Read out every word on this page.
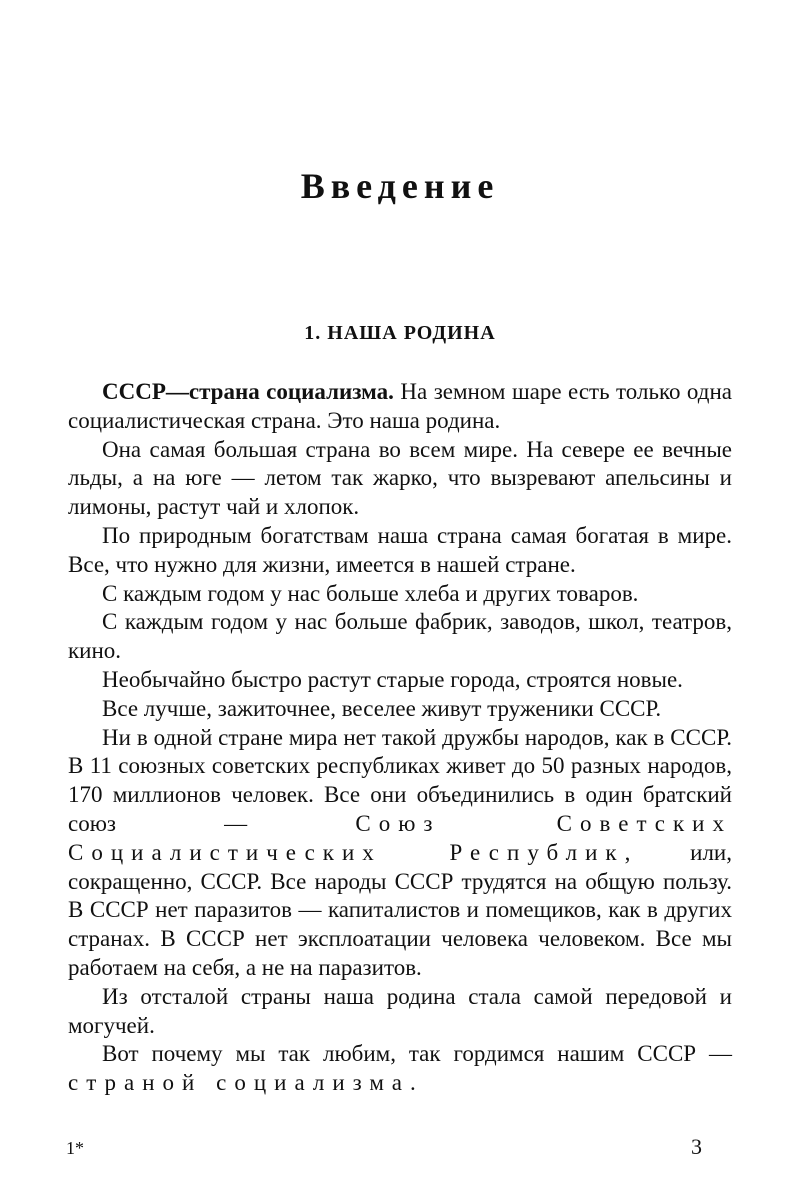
Введение
1. НАША РОДИНА

СССР—страна социализма. На земном шаре есть только одна социалистическая страна. Это наша родина.

Она самая большая страна во всем мире. На севере ее вечные льды, а на юге — летом так жарко, что вызревают апельсины и лимоны, растут чай и хлопок.

По природным богатствам наша страна самая богатая в мире. Все, что нужно для жизни, имеется в нашей стране.

С каждым годом у нас больше хлеба и других товаров.

С каждым годом у нас больше фабрик, заводов, школ, театров, кино.

Необычайно быстро растут старые города, строятся новые.

Все лучше, зажиточнее, веселее живут труженики СССР.

Ни в одной стране мира нет такой дружбы народов, как в СССР. В 11 союзных советских республиках живет до 50 разных народов, 170 миллионов человек. Все они объединились в один братский союз — Союз Советских Социалистических Республик, или, сокращенно, СССР. Все народы СССР трудятся на общую пользу. В СССР нет паразитов — капиталистов и помещиков, как в других странах. В СССР нет эксплоатации человека человеком. Все мы работаем на себя, а не на паразитов.

Из отсталой страны наша родина стала самой передовой и могучей.

Вот почему мы так любим, так гордимся нашим СССР — страной социализма.

1*	3
